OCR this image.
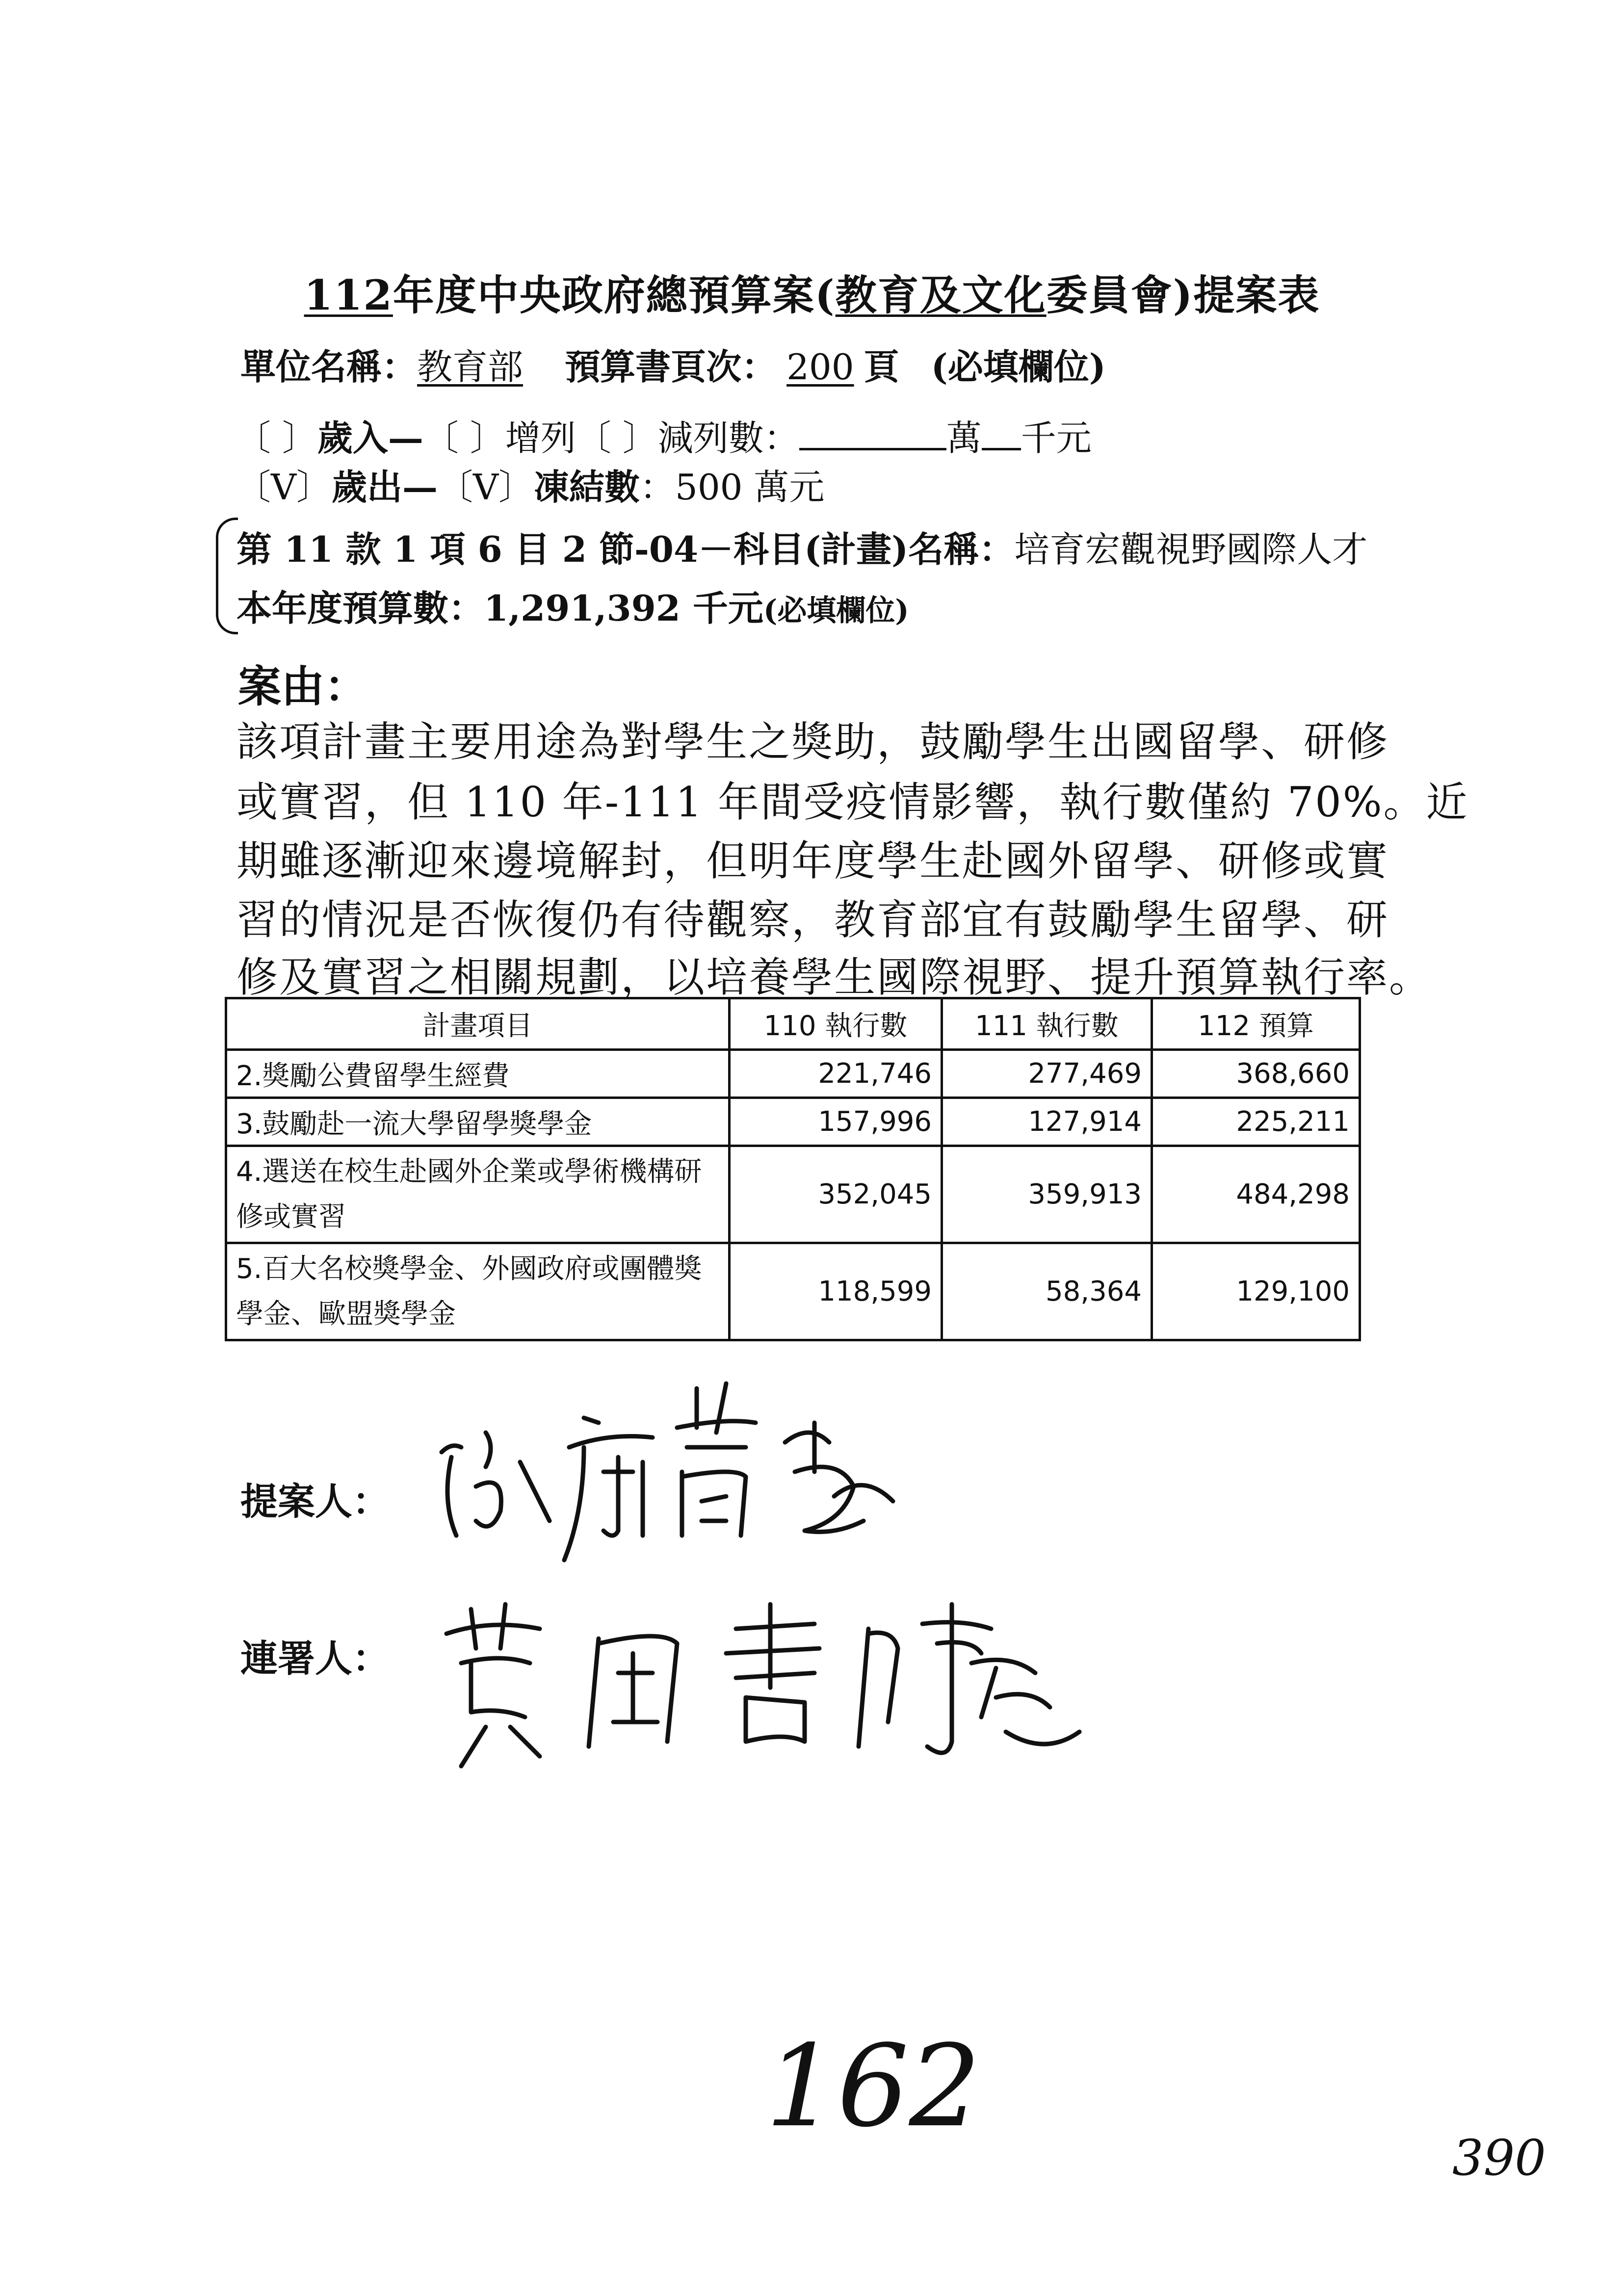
112年度中央政府總預算案(教育及文化委員會)提案表
單位名稱：教育部 預算書頁次： 200 頁 (必填欄位)
〔 〕歲入—〔 〕增列〔 〕減列數：	萬 千元
〔V〕歲出—〔V〕凍結數：500 萬元
第 11 款 1 項 6 目 2 節-04－科目(計畫)名稱：培育宏觀視野國際人才
本年度預算數：1,291,392 千元(必填欄位)
案由：
該項計畫主要用途為對學生之獎助，鼓勵學生出國留學、研修
或實習，但 110 年-111 年間受疫情影響，執行數僅約 70%。近
期雖逐漸迎來邊境解封，但明年度學生赴國外留學、研修或實
習的情況是否恢復仍有待觀察，教育部宜有鼓勵學生留學、研
修及實習之相關規劃，以培養學生國際視野、提升預算執行率。
計畫項目	110 執行數	111 執行數	112 預算
2.獎勵公費留學生經費	221,746	277,469	368,660
3.鼓勵赴一流大學留學獎學金	157,996	127,914	225,211
4.選送在校生赴國外企業或學術機構研修或實習	352,045	359,913	484,298
5.百大名校獎學金、外國政府或團體獎學金、歐盟獎學金	118,599	58,364	129,100
提案人：
連署人：
162
390
